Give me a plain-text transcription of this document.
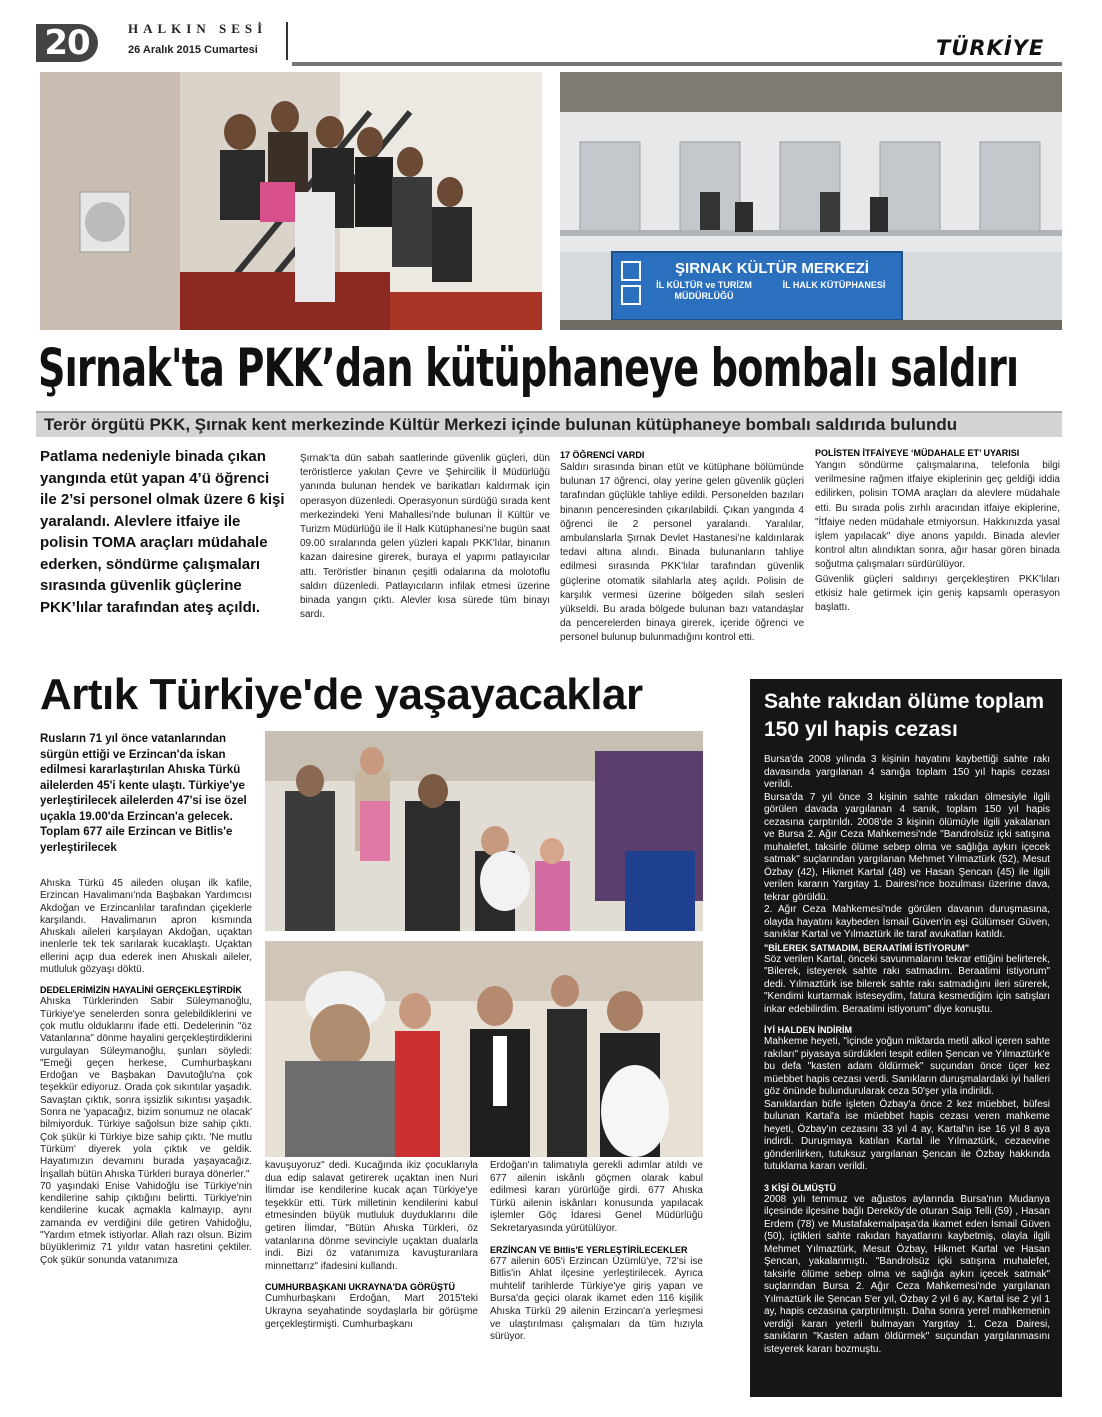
20	HALKIN SESİ
26 Aralık 2015 Cumartesi	TÜRKİYE
ŞIRNAK KÜLTÜR MERKEZİ
İL KÜLTÜR ve TURİZM MÜDÜRLÜĞÜ
İL HALK KÜTÜPHANESİ
Şırnak'ta PKK’dan kütüphaneye bombalı saldırı
Terör örgütü PKK, Şırnak kent merkezinde Kültür Merkezi içinde bulunan kütüphaneye bombalı saldırıda bulundu
Patlama nedeniyle binada çıkan yangında etüt yapan 4’ü öğrenci ile 2’si personel olmak üzere 6 kişi yaralandı. Alevlere itfaiye ile polisin TOMA araçları müdahale ederken, söndürme çalışmaları sırasında güvenlik güçlerine PKK’lılar tarafından ateş açıldı.

Şırnak’ta dün sabah saatlerinde güvenlik güçleri, dün teröristlerce yakılan Çevre ve Şehircilik İl Müdürlüğü yanında bulunan hendek ve barikatları kaldırmak için operasyon düzenledi. Operasyonun sürdüğü sırada kent merkezindeki Yeni Mahallesi’nde bulunan İl Kültür ve Turizm Müdürlüğü ile İl Halk Kütüphanesi’ne bugün saat 09.00 sıralarında gelen yüzleri kapalı PKK’lılar, binanın kazan dairesine girerek, buraya el yapımı patlayıcılar attı. Teröristler binanın çeşitli odalarına da molotoflu saldırı düzenledi. Patlayıcıların infilak etmesi üzerine binada yangın çıktı. Alevler kısa sürede tüm binayı sardı.

17 ÖĞRENCİ VARDI

Saldırı sırasında binan etüt ve kütüphane bölümünde bulunan 17 öğrenci, olay yerine gelen güvenlik güçleri tarafından güçlükle tahliye edildi. Personelden bazıları binanın penceresinden çıkarılabildi. Çıkan yangında 4 öğrenci ile 2 personel yaralandı. Yaralılar, ambulanslarla Şırnak Devlet Hastanesi’ne kaldırılarak tedavi altına alındı. Binada bulunanların tahliye edilmesi sırasında PKK’lılar tarafından güvenlik güçlerine otomatik silahlarla ateş açıldı. Polisin de karşılık vermesi üzerine bölgeden silah sesleri yükseldi. Bu arada bölgede bulunan bazı vatandaşlar da pencerelerden binaya girerek, içeride öğrenci ve personel bulunup bulunmadığını kontrol etti.

POLİSTEN İTFAİYEYE ‘MÜDAHALE ET’ UYARISI

Yangın söndürme çalışmalarına, telefonla bilgi verilmesine rağmen itfaiye ekiplerinin geç geldiği iddia edilirken, polisin TOMA araçları da alevlere müdahale etti. Bu sırada polis zırhlı aracından itfaiye ekiplerine, "İtfaiye neden müdahale etmiyorsun. Hakkınızda yasal işlem yapılacak" diye anons yapıldı. Binada alevler kontrol altın alındıktan sonra, ağır hasar gören binada soğutma çalışmaları sürdürülüyor.

Güvenlik güçleri saldırıyı gerçekleştiren PKK’lıları etkisiz hale getirmek için geniş kapsamlı operasyon başlattı.

Artık Türkiye'de yaşayacaklar
Rusların 71 yıl önce vatanlarından sürgün ettiği ve Erzincan'da iskan edilmesi kararlaştırılan Ahıska Türkü ailelerden 45'i kente ulaştı. Türkiye'ye yerleştirilecek ailelerden 47'si ise özel uçakla 19.00'da Erzincan'a gelecek. Toplam 677 aile Erzincan ve Bitlis'e yerleştirilecek

Ahıska Türkü 45 aileden oluşan ilk kafile, Erzincan Havalimanı'nda Başbakan Yardımcısı Akdoğan ve Erzincanlılar tarafından çiçeklerle karşılandı. Havalimanın apron kısmında Ahıskalı aileleri karşılayan Akdoğan, uçaktan inenlerle tek tek sarılarak kucaklaştı. Uçaktan ellerini açıp dua ederek inen Ahıskalı aileler, mutluluk gözyaşı döktü.

DEDELERİMİZİN HAYALİNİ GERÇEKLEŞTİRDİK

Ahıska Türklerinden Sabir Süleymanoğlu, Türkiye'ye senelerden sonra gelebildiklerini ve çok mutlu olduklarını ifade etti. Dedelerinin "öz Vatanlarına" dönme hayalini gerçekleştirdiklerini vurgulayan Süleymanoğlu, şunları söyledi: "Emeği geçen herkese, Cumhurbaşkanı Erdoğan ve Başbakan Davutoğlu'na çok teşekkür ediyoruz. Orada çok sıkıntılar yaşadık. Savaştan çıktık, sonra işsizlik sıkıntısı yaşadık. Sonra ne 'yapacağız, bizim sonumuz ne olacak' bilmiyorduk. Türkiye sağolsun bize sahip çıktı. Çok şükür ki Türkiye bize sahip çıktı. 'Ne mutlu Türküm' diyerek yola çıktık ve geldik. Hayatımızın devamını burada yaşayacağız. İnşallah bütün Ahıska Türkleri buraya dönerler."

70 yaşındaki Enise Vahidoğlu ise Türkiye'nin kendilerine sahip çıktığını belirtti. Türkiye'nin kendilerine kucak açmakla kalmayıp, aynı zamanda ev verdiğini dile getiren Vahidoğlu, "Yardım etmek istiyorlar. Allah razı olsun. Bizim büyüklerimiz 71 yıldır vatan hasretini çektiler. Çok şükür sonunda vatanımıza

kavuşuyoruz" dedi. Kucağında ikiz çocuklarıyla dua edip salavat getirerek uçaktan inen Nuri İlimdar ise kendilerine kucak açan Türkiye'ye teşekkür etti. Türk milletinin kendilerini kabul etmesinden büyük mutluluk duyduklarını dile getiren İlimdar, "Bütün Ahıska Türkleri, öz vatanlarına dönme sevinciyle uçaktan dualarla indi. Bizi öz vatanımıza kavuşturanlara minnettarız" ifadesini kullandı.

CUMHURBAŞKANI UKRAYNA'DA GÖRÜŞTÜ

Cumhurbaşkanı Erdoğan, Mart 2015'teki Ukrayna seyahatinde soydaşlarla bir görüşme gerçekleştirmişti. Cumhurbaşkanı

Erdoğan'ın talimatıyla gerekli adımlar atıldı ve 677 ailenin iskânlı göçmen olarak kabul edilmesi kararı yürürlüğe girdi. 677 Ahıska Türkü ailenin iskânları konusunda yapılacak işlemler Göç İdaresi Genel Müdürlüğü Sekretaryasında yürütülüyor.

ERZİNCAN VE Bitlis'E YERLEŞTİRİLECEKLER

677 ailenin 605'i Erzincan Üzümlü'ye, 72'si ise Bitlis'in Ahlat ilçesine yerleştirilecek. Ayrıca muhtelif tarihlerde Türkiye'ye giriş yapan ve Bursa'da geçici olarak ikamet eden 116 kişilik Ahıska Türkü 29 ailenin Erzincan'a yerleşmesi ve ulaştırılması çalışmaları da tüm hızıyla sürüyor.

Sahte rakıdan ölüme toplam 150 yıl hapis cezası

Bursa'da 2008 yılında 3 kişinin hayatını kaybettiği sahte rakı davasında yargılanan 4 sanığa toplam 150 yıl hapis cezası verildi.

Bursa'da 7 yıl önce 3 kişinin sahte rakıdan ölmesiyle ilgili görülen davada yargılanan 4 sanık, toplam 150 yıl hapis cezasına çarptırıldı. 2008'de 3 kişinin ölümüyle ilgili yakalanan ve Bursa 2. Ağır Ceza Mahkemesi'nde "Bandrolsüz içki satışına muhalefet, taksirle ölüme sebep olma ve sağlığa aykırı içecek satmak" suçlarından yargılanan Mehmet Yılmaztürk (52), Mesut Özbay (42), Hikmet Kartal (48) ve Hasan Şencan (45) ile ilgili verilen kararın Yargıtay 1. Dairesi'nce bozulması üzerine dava, tekrar görüldü.

2. Ağır Ceza Mahkemesi'nde görülen davanın duruşmasına, olayda hayatını kaybeden İsmail Güven'in eşi Gülümser Güven, sanıklar Kartal ve Yılmaztürk ile taraf avukatları katıldı.

"BİLEREK SATMADIM, BERAATİMİ İSTİYORUM"

Söz verilen Kartal, önceki savunmalarını tekrar ettiğini belirterek, "Bilerek, isteyerek sahte rakı satmadım. Beraatimi istiyorum" dedi. Yılmaztürk ise bilerek sahte rakı satmadığını ileri sürerek, "Kendimi kurtarmak isteseydim, fatura kesmediğim için satışları inkar edebilirdim. Beraatimi istiyorum" diye konuştu.

İYİ HALDEN İNDİRİM

Mahkeme heyeti, "içinde yoğun miktarda metil alkol içeren sahte rakıları" piyasaya sürdükleri tespit edilen Şencan ve Yılmaztürk'e bu defa "kasten adam öldürmek" suçundan önce üçer kez müebbet hapis cezası verdi. Sanıkların duruşmalardaki iyi halleri göz önünde bulundurularak ceza 50'şer yıla indirildi.

Sanıklardan büfe işleten Özbay'a önce 2 kez müebbet, büfesi bulunan Kartal'a ise müebbet hapis cezası veren mahkeme heyeti, Özbay'ın cezasını 33 yıl 4 ay, Kartal'ın ise 16 yıl 8 aya indirdi. Duruşmaya katılan Kartal ile Yılmaztürk, cezaevine gönderilirken, tutuksuz yargılanan Şencan ile Özbay hakkında tutuklama kararı verildi.

3 KİŞİ ÖLMÜŞTÜ

2008 yılı temmuz ve ağustos aylarında Bursa'nın Mudanya ilçesinde ilçesine bağlı Dereköy'de oturan Saip Telli (59) , Hasan Erdem (78) ve Mustafakemalpaşa'da ikamet eden İsmail Güven (50), içtikleri sahte rakıdan hayatlarını kaybetmiş, olayla ilgili Mehmet Yılmaztürk, Mesut Özbay, Hikmet Kartal ve Hasan Şencan, yakalanmıştı. "Bandrolsüz içki satışına muhalefet, taksirle ölüme sebep olma ve sağlığa aykırı içecek satmak" suçlarından Bursa 2. Ağır Ceza Mahkemesi'nde yargılanan Yılmaztürk ile Şencan 5'er yıl, Özbay 2 yıl 6 ay, Kartal ise 2 yıl 1 ay, hapis cezasına çarptırılmıştı. Daha sonra yerel mahkemenin verdiği kararı yeterli bulmayan Yargıtay 1. Ceza Dairesi, sanıkların "Kasten adam öldürmek" suçundan yargılanmasını isteyerek kararı bozmuştu.
